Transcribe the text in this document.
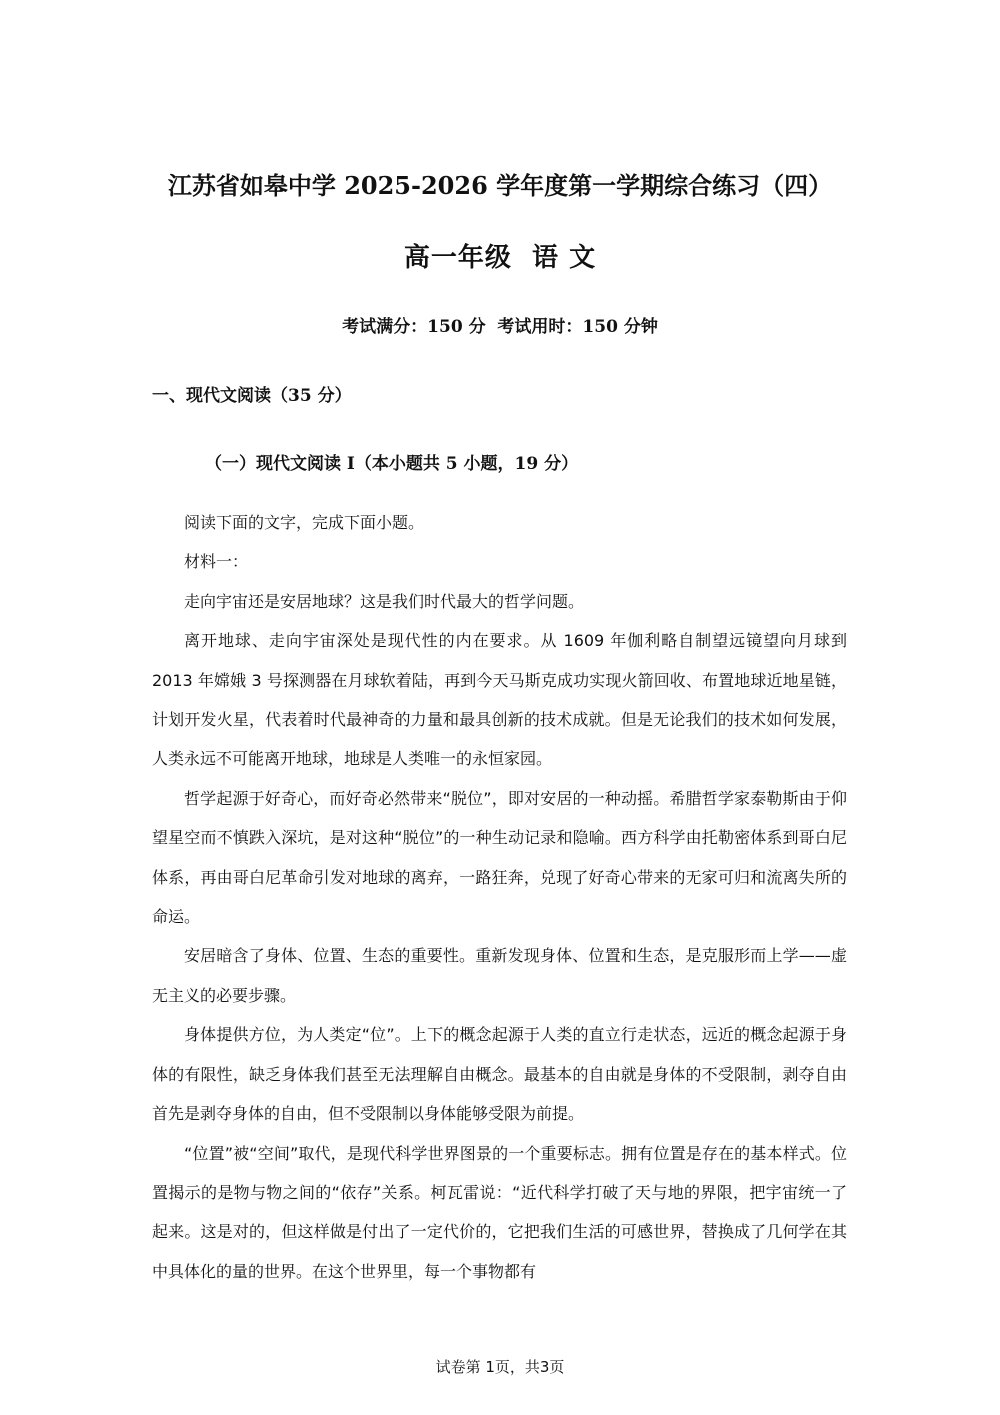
江苏省如皋中学 2025-2026 学年度第一学期综合练习（四）
高一年级  语 文

考试满分：150 分  考试用时：150 分钟

一、现代文阅读（35 分）
（一）现代文阅读 I（本小题共 5 小题，19 分）

阅读下面的文字，完成下面小题。

材料一：

走向宇宙还是安居地球？这是我们时代最大的哲学问题。

离开地球、走向宇宙深处是现代性的内在要求。从 1609 年伽利略自制望远镜望向月球到 2013 年嫦娥 3 号探测器在月球软着陆，再到今天马斯克成功实现火箭回收、布置地球近地星链，计划开发火星，代表着时代最神奇的力量和最具创新的技术成就。但是无论我们的技术如何发展，人类永远不可能离开地球，地球是人类唯一的永恒家园。

哲学起源于好奇心，而好奇必然带来“脱位”，即对安居的一种动摇。希腊哲学家泰勒斯由于仰望星空而不慎跌入深坑，是对这种“脱位”的一种生动记录和隐喻。西方科学由托勒密体系到哥白尼体系，再由哥白尼革命引发对地球的离弃，一路狂奔，兑现了好奇心带来的无家可归和流离失所的命运。

安居暗含了身体、位置、生态的重要性。重新发现身体、位置和生态，是克服形而上学——虚无主义的必要步骤。

身体提供方位，为人类定“位”。上下的概念起源于人类的直立行走状态，远近的概念起源于身体的有限性，缺乏身体我们甚至无法理解自由概念。最基本的自由就是身体的不受限制，剥夺自由首先是剥夺身体的自由，但不受限制以身体能够受限为前提。

“位置”被“空间”取代，是现代科学世界图景的一个重要标志。拥有位置是存在的基本样式。位置揭示的是物与物之间的“依存”关系。柯瓦雷说：“近代科学打破了天与地的界限，把宇宙统一了起来。这是对的，但这样做是付出了一定代价的，它把我们生活的可感世界，替换成了几何学在其中具体化的量的世界。在这个世界里，每一个事物都有

试卷第 1页，共3页
